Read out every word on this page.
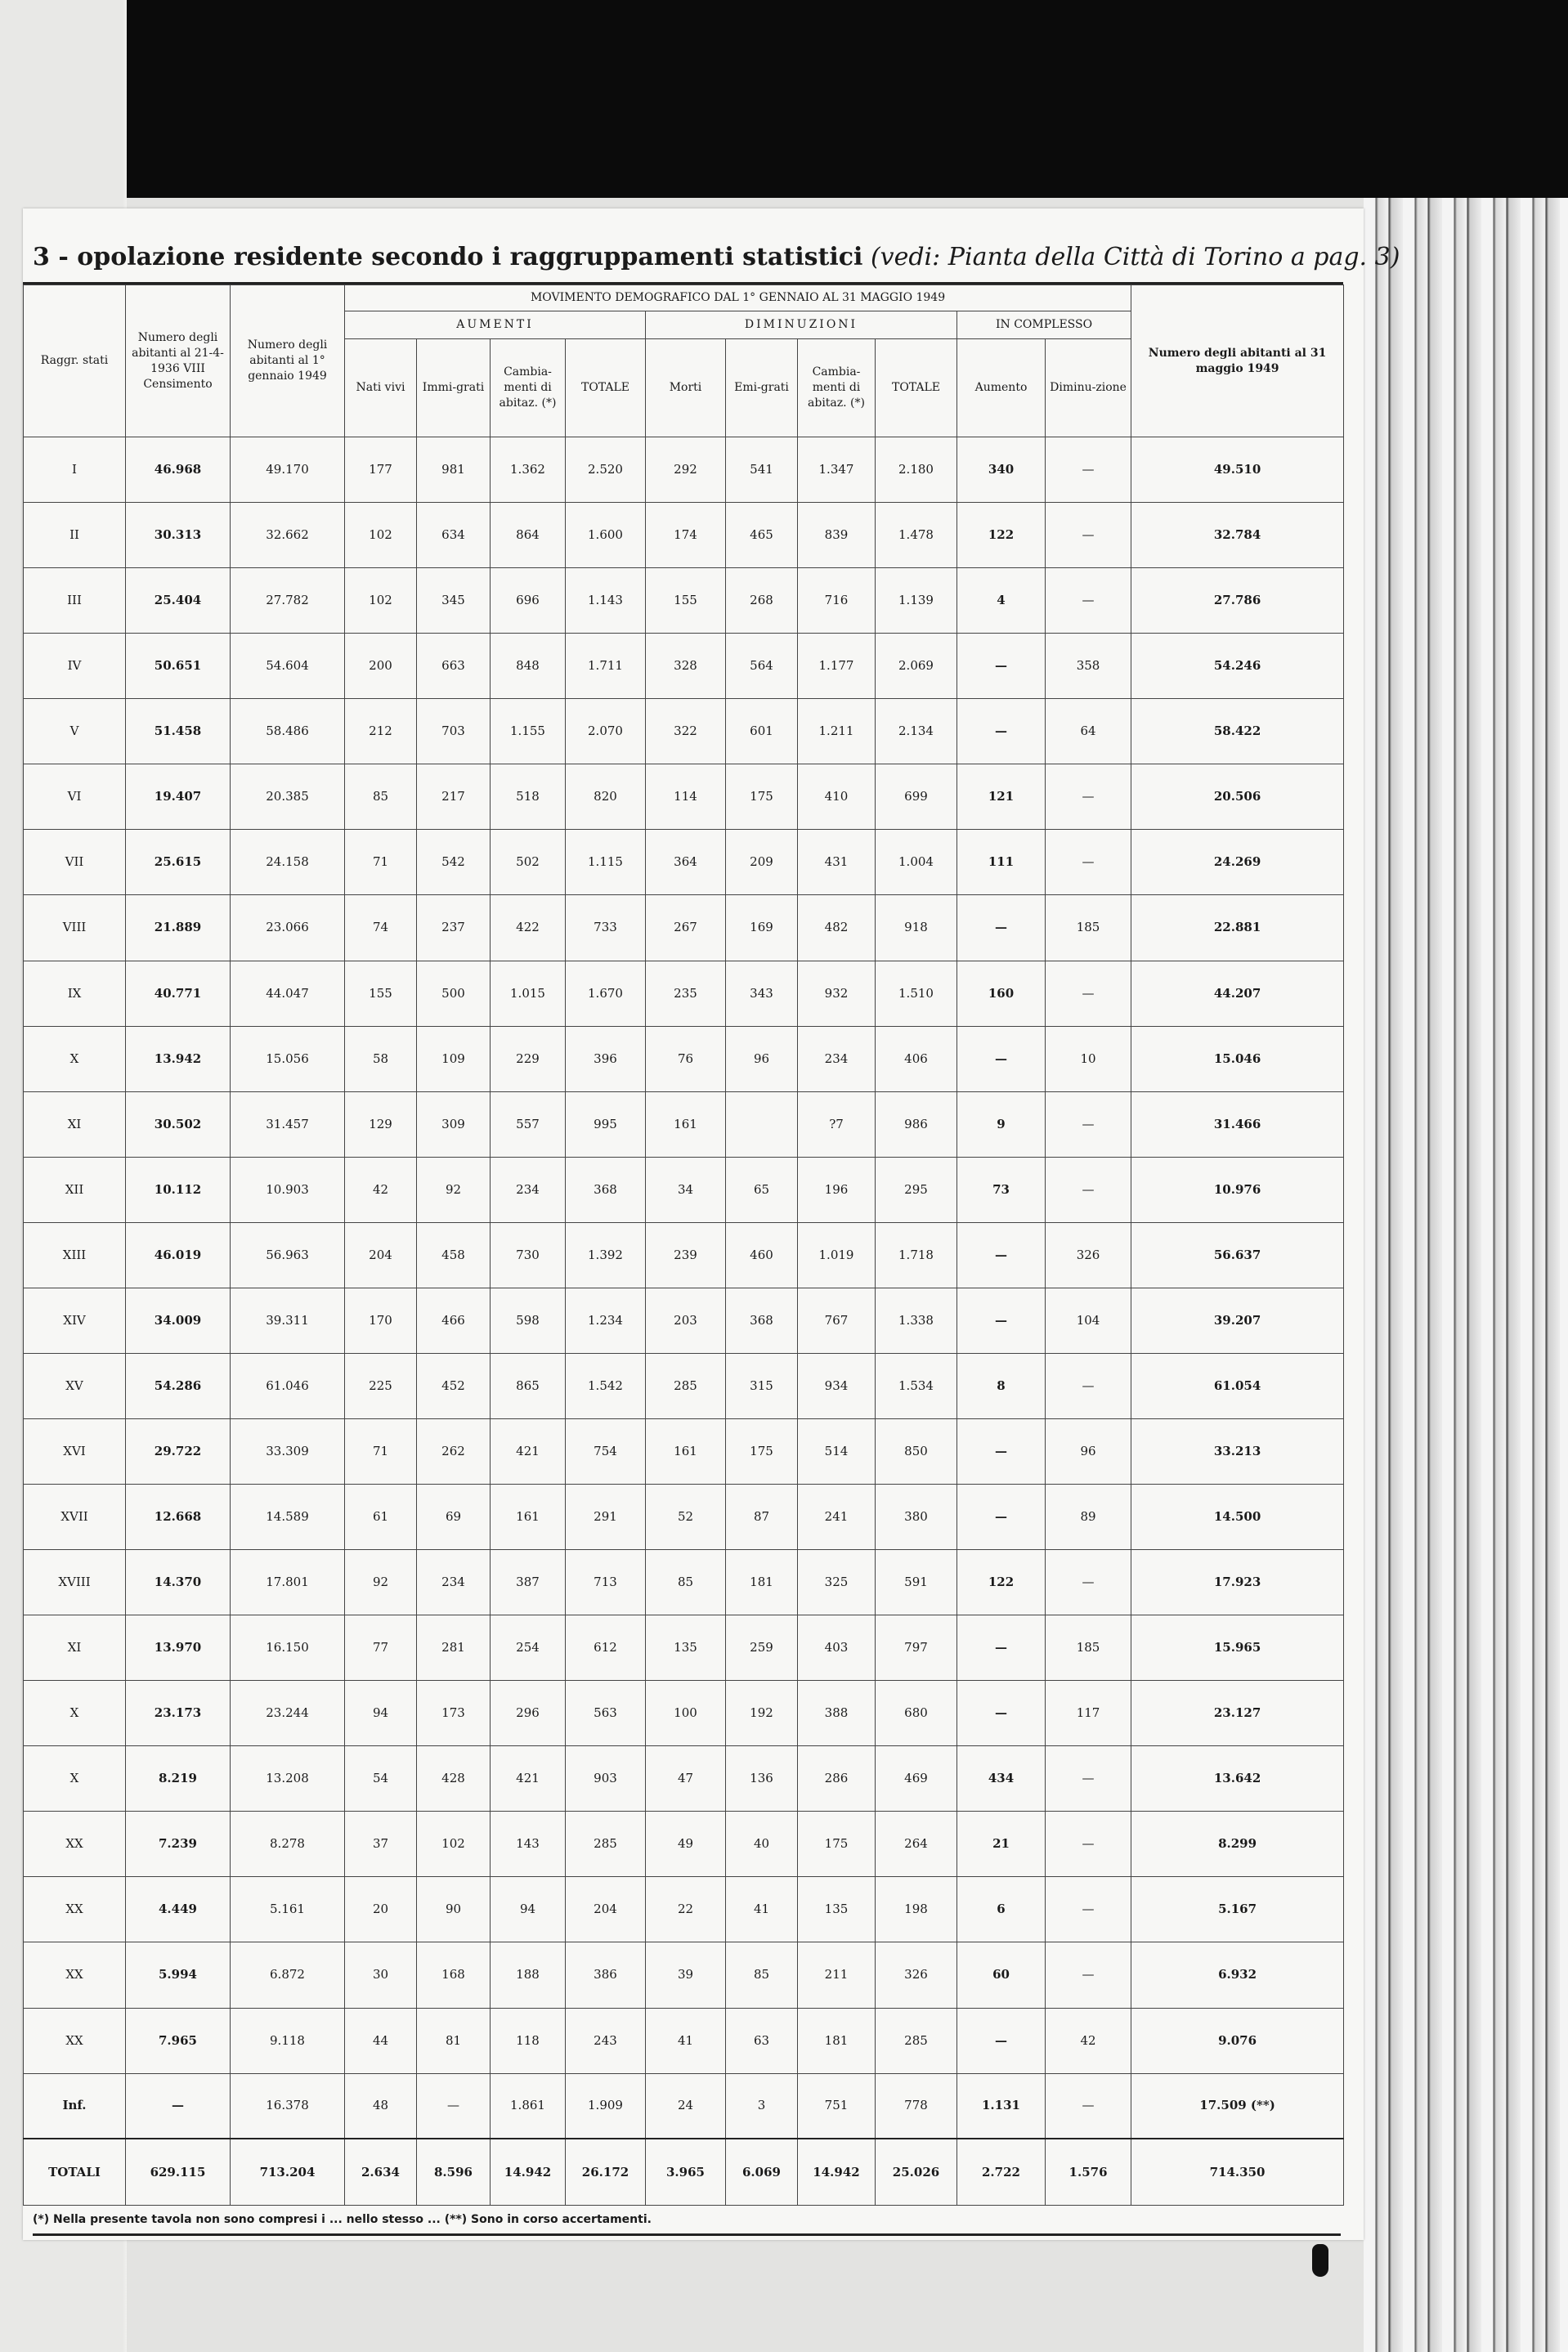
3 - opolazione residente secondo i raggruppamenti statistici (vedi: Pianta della Città di Torino a pag. 3)
Raggr. stati	Numero degli abitanti al 21-4-1936 VIII Censimento	Numero degli abitanti al 1° gennaio 1949	MOVIMENTO DEMOGRAFICO DAL 1° GENNAIO AL 31 MAGGIO 1949										Numero degli abitanti al 31 maggio 1949
			AUMENTI				DIMINUZIONI				IN COMPLESSO		
			Nati vivi	Immi-grati	Cambia-menti di abitaz. (*)	TOTALE	Morti	Emi-grati	Cambia-menti di abitaz. (*)	TOTALE	Aumento	Diminu-zione	
I	46.968	49.170	177	981	1.362	2.520	292	541	1.347	2.180	340	—	49.510
II	30.313	32.662	102	634	864	1.600	174	465	839	1.478	122	—	32.784
III	25.404	27.782	102	345	696	1.143	155	268	716	1.139	4	—	27.786
IV	50.651	54.604	200	663	848	1.711	328	564	1.177	2.069	—	358	54.246
V	51.458	58.486	212	703	1.155	2.070	322	601	1.211	2.134	—	64	58.422
VI	19.407	20.385	85	217	518	820	114	175	410	699	121	—	20.506
VII	25.615	24.158	71	542	502	1.115	364	209	431	1.004	111	—	24.269
VIII	21.889	23.066	74	237	422	733	267	169	482	918	—	185	22.881
IX	40.771	44.047	155	500	1.015	1.670	235	343	932	1.510	160	—	44.207
X	13.942	15.056	58	109	229	396	76	96	234	406	—	10	15.046
XI	30.502	31.457	129	309	557	995	161		?7	986	9	—	31.466
XII	10.112	10.903	42	92	234	368	34	65	196	295	73	—	10.976
XIII	46.019	56.963	204	458	730	1.392	239	460	1.019	1.718	—	326	56.637
XIV	34.009	39.311	170	466	598	1.234	203	368	767	1.338	—	104	39.207
XV	54.286	61.046	225	452	865	1.542	285	315	934	1.534	8	—	61.054
XVI	29.722	33.309	71	262	421	754	161	175	514	850	—	96	33.213
XVII	12.668	14.589	61	69	161	291	52	87	241	380	—	89	14.500
XVIII	14.370	17.801	92	234	387	713	85	181	325	591	122	—	17.923
XI	13.970	16.150	77	281	254	612	135	259	403	797	—	185	15.965
X	23.173	23.244	94	173	296	563	100	192	388	680	—	117	23.127
X	8.219	13.208	54	428	421	903	47	136	286	469	434	—	13.642
XX	7.239	8.278	37	102	143	285	49	40	175	264	21	—	8.299
XX	4.449	5.161	20	90	94	204	22	41	135	198	6	—	5.167
XX	5.994	6.872	30	168	188	386	39	85	211	326	60	—	6.932
XX	7.965	9.118	44	81	118	243	41	63	181	285	—	42	9.076
Inf.	—	16.378	48	—	1.861	1.909	24	3	751	778	1.131	—	17.509 (**)
TOTALI	629.115	713.204	2.634	8.596	14.942	26.172	3.965	6.069	14.942	25.026	2.722	1.576	714.350
(*) Nella presente tavola non sono compresi i ... nello stesso ... (**) Sono in corso accertamenti.
